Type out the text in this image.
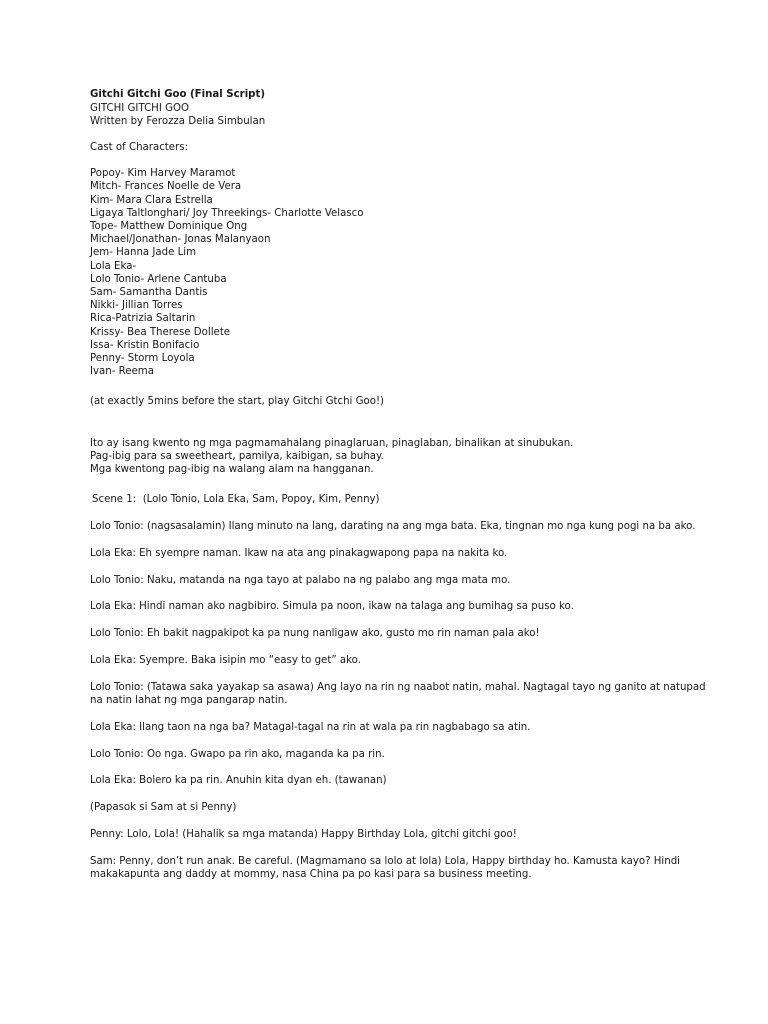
Gitchi Gitchi Goo (Final Script)
GITCHI GITCHI GOO
Written by Ferozza Delia Simbulan
Cast of Characters:
Popoy- Kim Harvey Maramot
Mitch- Frances Noelle de Vera
Kim- Mara Clara Estrella
Ligaya Taltlonghari/ Joy Threekings- Charlotte Velasco
Tope- Matthew Dominique Ong
Michael/Jonathan- Jonas Malanyaon
Jem- Hanna Jade Lim
Lola Eka-
Lolo Tonio- Arlene Cantuba
Sam- Samantha Dantis
Nikki- Jillian Torres
Rica-Patrizia Saltarin
Krissy- Bea Therese Dollete
Issa- Kristin Bonifacio
Penny- Storm Loyola
Ivan- Reema
(at exactly 5mins before the start, play Gitchi Gtchi Goo!)
Ito ay isang kwento ng mga pagmamahalang pinaglaruan, pinaglaban, binalikan at sinubukan.
Pag-ibig para sa sweetheart, pamilya, kaibigan, sa buhay.
Mga kwentong pag-ibig na walang alam na hangganan.
Scene 1:  (Lolo Tonio, Lola Eka, Sam, Popoy, Kim, Penny)
Lolo Tonio: (nagsasalamin) Ilang minuto na lang, darating na ang mga bata. Eka, tingnan mo nga kung pogi na ba ako.
Lola Eka: Eh syempre naman. Ikaw na ata ang pinakagwapong papa na nakita ko.
Lolo Tonio: Naku, matanda na nga tayo at palabo na ng palabo ang mga mata mo.
Lola Eka: Hindi naman ako nagbibiro. Simula pa noon, ikaw na talaga ang bumihag sa puso ko.
Lolo Tonio: Eh bakit nagpakipot ka pa nung nanligaw ako, gusto mo rin naman pala ako!
Lola Eka: Syempre. Baka isipin mo “easy to get” ako.
Lolo Tonio: (Tatawa saka yayakap sa asawa) Ang layo na rin ng naabot natin, mahal. Nagtagal tayo ng ganito at natupad
na natin lahat ng mga pangarap natin.
Lola Eka: Ilang taon na nga ba? Matagal-tagal na rin at wala pa rin nagbabago sa atin.
Lolo Tonio: Oo nga. Gwapo pa rin ako, maganda ka pa rin.
Lola Eka: Bolero ka pa rin. Anuhin kita dyan eh. (tawanan)
(Papasok si Sam at si Penny)
Penny: Lolo, Lola! (Hahalik sa mga matanda) Happy Birthday Lola, gitchi gitchi goo!
Sam: Penny, don’t run anak. Be careful. (Magmamano sa lolo at lola) Lola, Happy birthday ho. Kamusta kayo? Hindi
makakapunta ang daddy at mommy, nasa China pa po kasi para sa business meeting.
